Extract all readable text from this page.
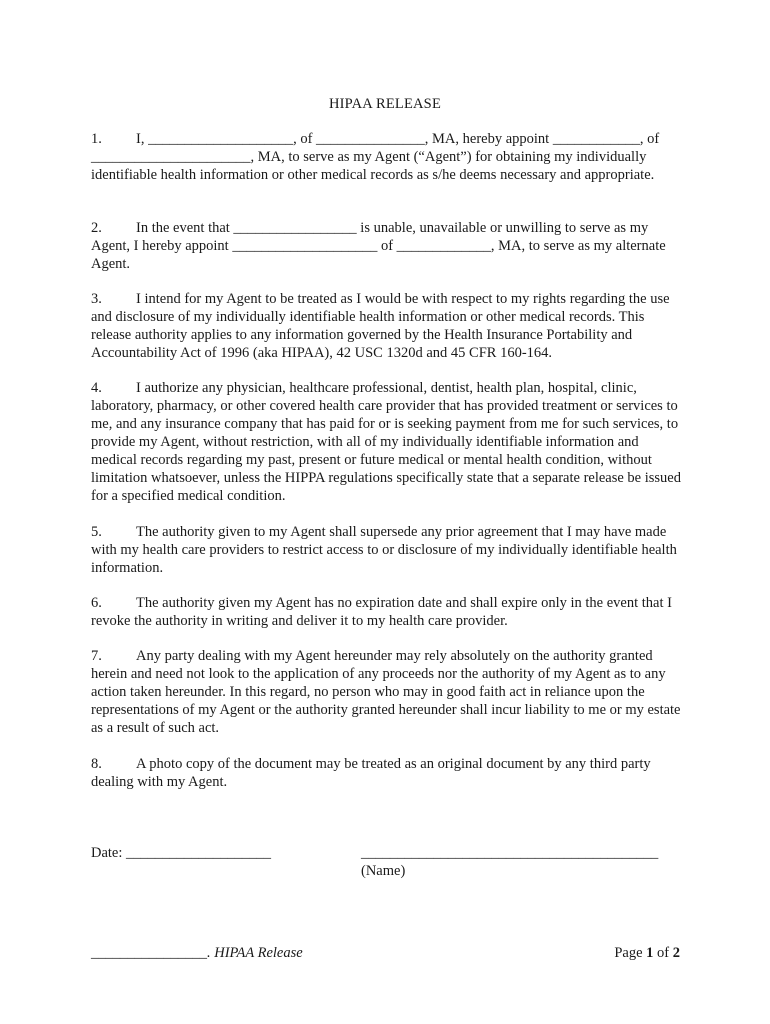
HIPAA RELEASE

1. I, ____________________, of _______________, MA, hereby appoint ____________, of ______________________, MA, to serve as my Agent (“Agent”) for obtaining my individually identifiable health information or other medical records as s/he deems necessary and appropriate.

2. In the event that _________________ is unable, unavailable or unwilling to serve as my Agent, I hereby appoint ____________________ of _____________, MA, to serve as my alternate Agent.

3. I intend for my Agent to be treated as I would be with respect to my rights regarding the use and disclosure of my individually identifiable health information or other medical records. This release authority applies to any information governed by the Health Insurance Portability and Accountability Act of 1996 (aka HIPAA), 42 USC 1320d and 45 CFR 160-164.

4. I authorize any physician, healthcare professional, dentist, health plan, hospital, clinic, laboratory, pharmacy, or other covered health care provider that has provided treatment or services to me, and any insurance company that has paid for or is seeking payment from me for such services, to provide my Agent, without restriction, with all of my individually identifiable information and medical records regarding my past, present or future medical or mental health condition, without limitation whatsoever, unless the HIPPA regulations specifically state that a separate release be issued for a specified medical condition.

5. The authority given to my Agent shall supersede any prior agreement that I may have made with my health care providers to restrict access to or disclosure of my individually identifiable health information.

6. The authority given my Agent has no expiration date and shall expire only in the event that I revoke the authority in writing and deliver it to my health care provider.

7. Any party dealing with my Agent hereunder may rely absolutely on the authority granted herein and need not look to the application of any proceeds nor the authority of my Agent as to any action taken hereunder. In this regard, no person who may in good faith act in reliance upon the representations of my Agent or the authority granted hereunder shall incur liability to me or my estate as a result of such act.

8. A photo copy of the document may be treated as an original document by any third party dealing with my Agent.

Date: ____________________	_________________________________________
(Name)
________________. HIPAA Release	Page 1 of 2
